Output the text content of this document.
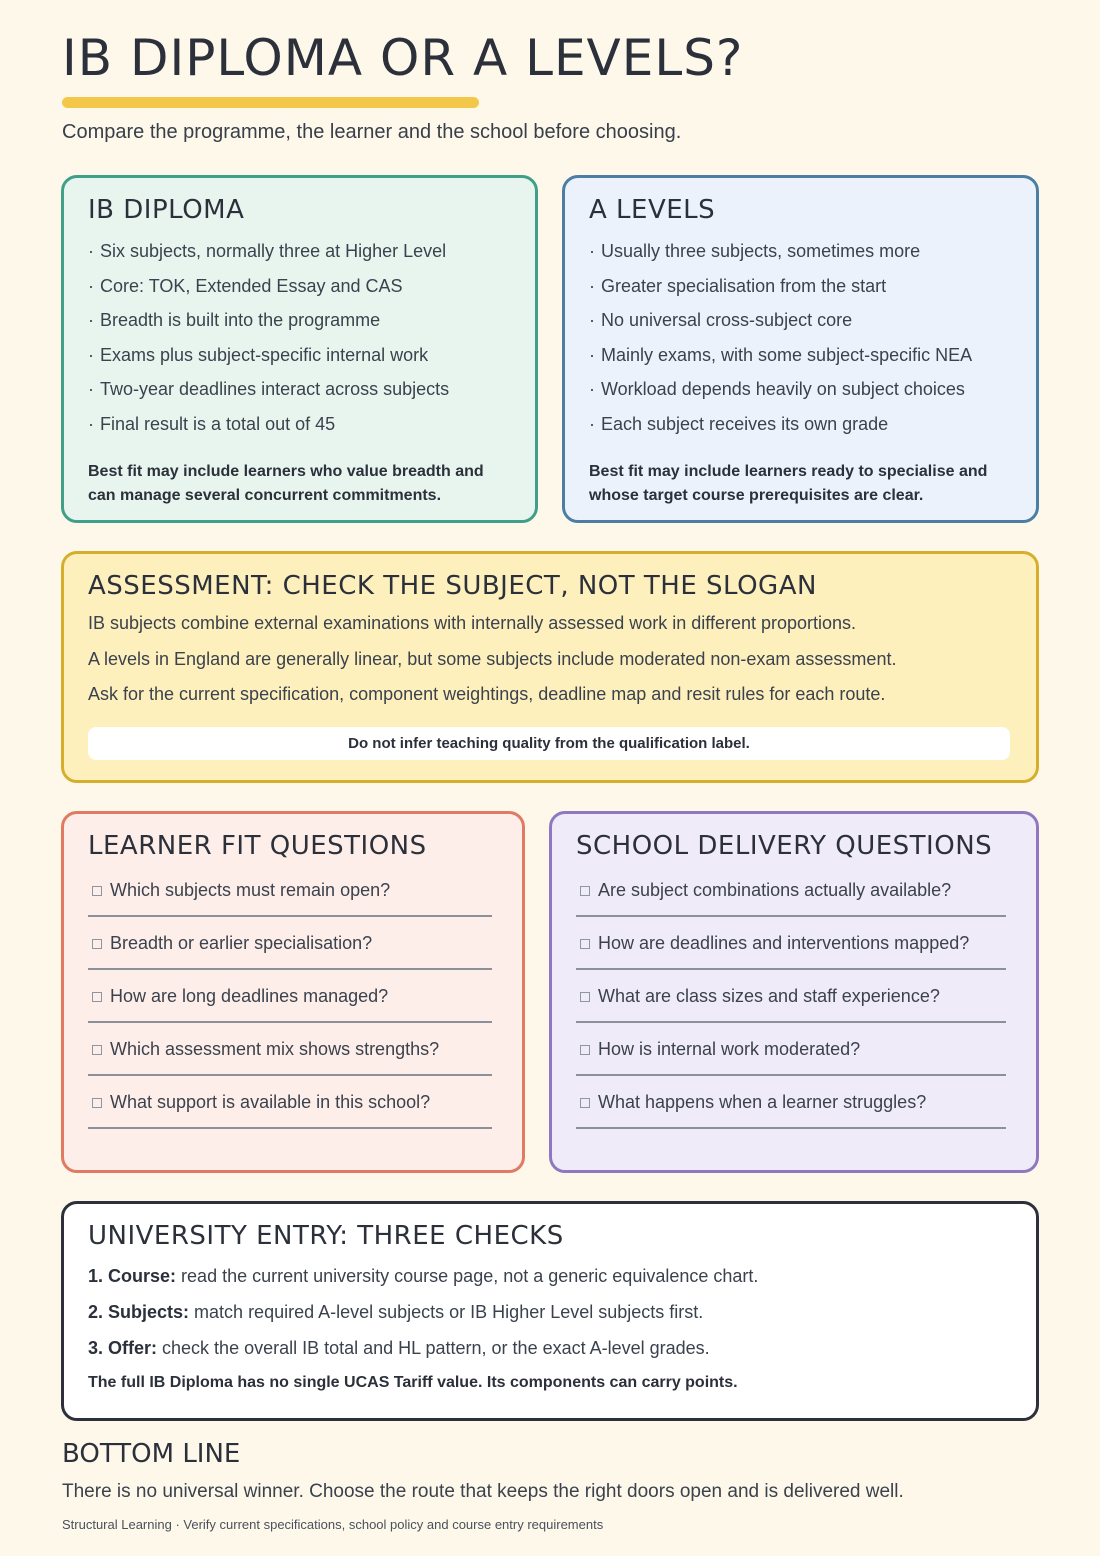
IB DIPLOMA OR A LEVELS?

Compare the programme, the learner and the school before choosing.

IB DIPLOMA
· Six subjects, normally three at Higher Level
· Core: TOK, Extended Essay and CAS
· Breadth is built into the programme
· Exams plus subject-specific internal work
· Two-year deadlines interact across subjects
· Final result is a total out of 45

Best fit may include learners who value breadth and
can manage several concurrent commitments.

A LEVELS
· Usually three subjects, sometimes more
· Greater specialisation from the start
· No universal cross-subject core
· Mainly exams, with some subject-specific NEA
· Workload depends heavily on subject choices
· Each subject receives its own grade

Best fit may include learners ready to specialise and
whose target course prerequisites are clear.

ASSESSMENT: CHECK THE SUBJECT, NOT THE SLOGAN

IB subjects combine external examinations with internally assessed work in different proportions.

A levels in England are generally linear, but some subjects include moderated non-exam assessment.

Ask for the current specification, component weightings, deadline map and resit rules for each route.

Do not infer teaching quality from the qualification label.
LEARNER FIT QUESTIONS
Which subjects must remain open?
Breadth or earlier specialisation?
How are long deadlines managed?
Which assessment mix shows strengths?
What support is available in this school?
SCHOOL DELIVERY QUESTIONS
Are subject combinations actually available?
How are deadlines and interventions mapped?
What are class sizes and staff experience?
How is internal work moderated?
What happens when a learner struggles?
UNIVERSITY ENTRY: THREE CHECKS

1. Course: read the current university course page, not a generic equivalence chart.

2. Subjects: match required A-level subjects or IB Higher Level subjects first.

3. Offer: check the overall IB total and HL pattern, or the exact A-level grades.

The full IB Diploma has no single UCAS Tariff value. Its components can carry points.

BOTTOM LINE

There is no universal winner. Choose the route that keeps the right doors open and is delivered well.

Structural Learning · Verify current specifications, school policy and course entry requirements
